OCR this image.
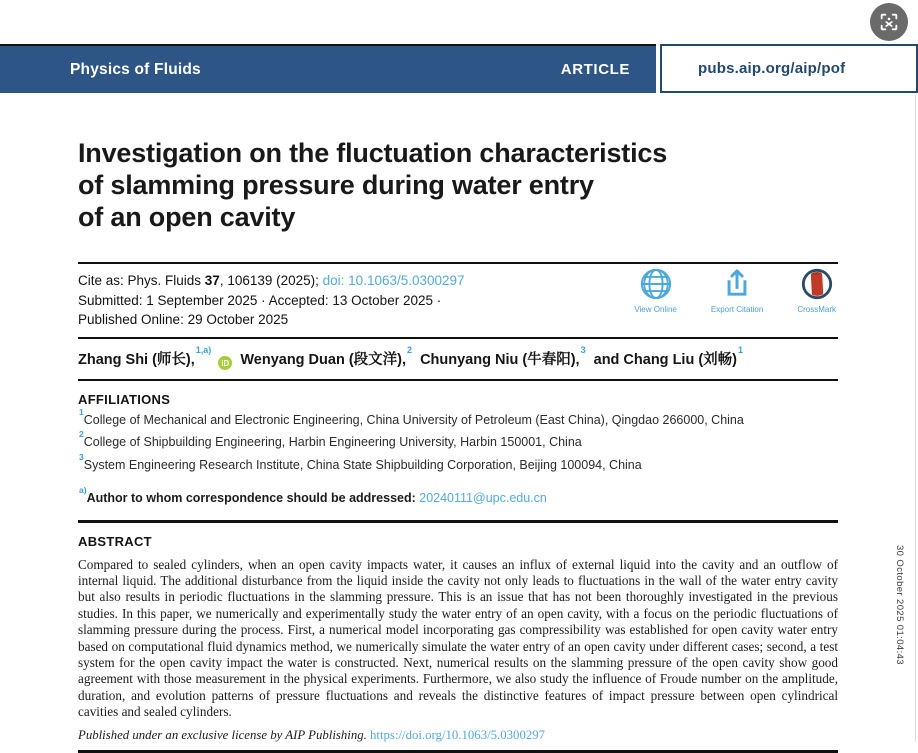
Physics of Fluids	ARTICLE	pubs.aip.org/aip/pof
Investigation on the fluctuation characteristics
of slamming pressure during water entry
of an open cavity
Cite as: Phys. Fluids 37, 106139 (2025); doi: 10.1063/5.0300297
Submitted: 1 September 2025 · Accepted: 13 October 2025 ·
Published Online: 29 October 2025
View Online	Export Citation	CrossMark
Zhang Shi (师长),$^{1,a)}$iD Wenyang Duan (段文洋),$^2$ Chunyang Niu (牛春阳),$^3$ and Chang Liu (刘畅)$^1$
AFFILIATIONS
$^1$College of Mechanical and Electronic Engineering, China University of Petroleum (East China), Qingdao 266000, China
$^2$College of Shipbuilding Engineering, Harbin Engineering University, Harbin 150001, China
$^3$System Engineering Research Institute, China State Shipbuilding Corporation, Beijing 100094, China
$^{a)}$Author to whom correspondence should be addressed: 20240111@upc.edu.cn
ABSTRACT
Compared to sealed cylinders, when an open cavity impacts water, it causes an influx of external liquid into the cavity and an outflow of internal liquid. The additional disturbance from the liquid inside the cavity not only leads to fluctuations in the wall of the water entry cavity but also results in periodic fluctuations in the slamming pressure. This is an issue that has not been thoroughly investigated in the previous studies. In this paper, we numerically and experimentally study the water entry of an open cavity, with a focus on the periodic fluctuations of slamming pressure during the process. First, a numerical model incorporating gas compressibility was established for open cavity water entry based on computational fluid dynamics method, we numerically simulate the water entry of an open cavity under different cases; second, a test system for the open cavity impact the water is constructed. Next, numerical results on the slamming pressure of the open cavity show good agreement with those measurement in the physical experiments. Furthermore, we also study the influence of Froude number on the amplitude, duration, and evolution patterns of pressure fluctuations and reveals the distinctive features of impact pressure between open cylindrical cavities and sealed cylinders.
Published under an exclusive license by AIP Publishing. https://doi.org/10.1063/5.0300297
30 October 2025 01:04:43
